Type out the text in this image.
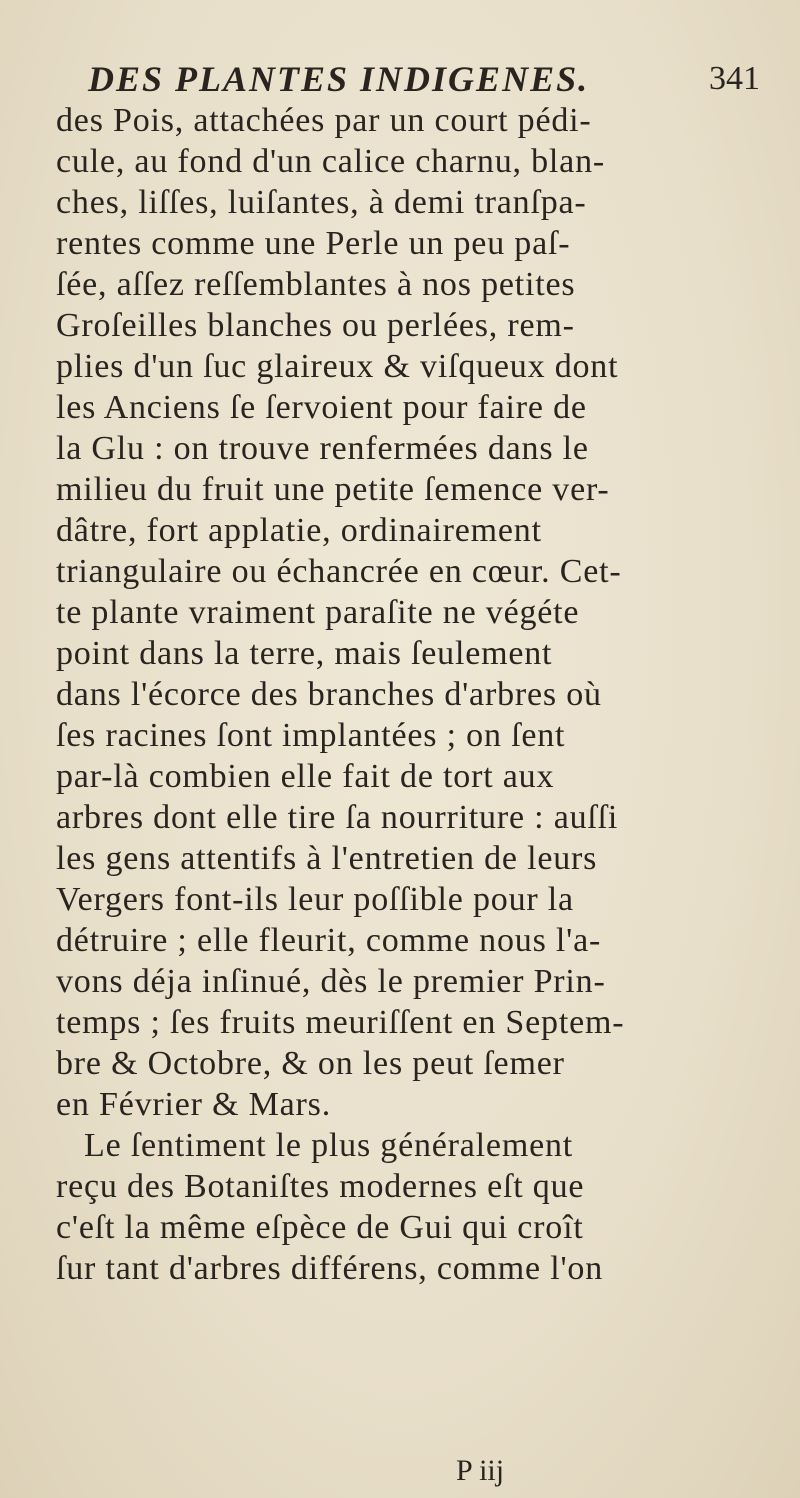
DES PLANTES INDIGENES.	341
des Pois, attachées par un court pédi-
cule, au fond d'un calice charnu, blan-
ches, liſſes, luiſantes, à demi tranſpa-
rentes comme une Perle un peu paſ-
ſée, aſſez reſſemblantes à nos petites
Groſeilles blanches ou perlées, rem-
plies d'un ſuc glaireux & viſqueux dont
les Anciens ſe ſervoient pour faire de
la Glu : on trouve renfermées dans le
milieu du fruit une petite ſemence ver-
dâtre, fort applatie, ordinairement
triangulaire ou échancrée en cœur. Cet-
te plante vraiment paraſite ne végéte
point dans la terre, mais ſeulement
dans l'écorce des branches d'arbres où
ſes racines ſont implantées ; on ſent
par-là combien elle fait de tort aux
arbres dont elle tire ſa nourriture : auſſi
les gens attentifs à l'entretien de leurs
Vergers font-ils leur poſſible pour la
détruire ; elle fleurit, comme nous l'a-
vons déja inſinué, dès le premier Prin-
temps ; ſes fruits meuriſſent en Septem-
bre & Octobre, & on les peut ſemer
en Février & Mars.
Le ſentiment le plus généralement
reçu des Botaniſtes modernes eſt que
c'eſt la même eſpèce de Gui qui croît
ſur tant d'arbres différens, comme l'on
P iij
